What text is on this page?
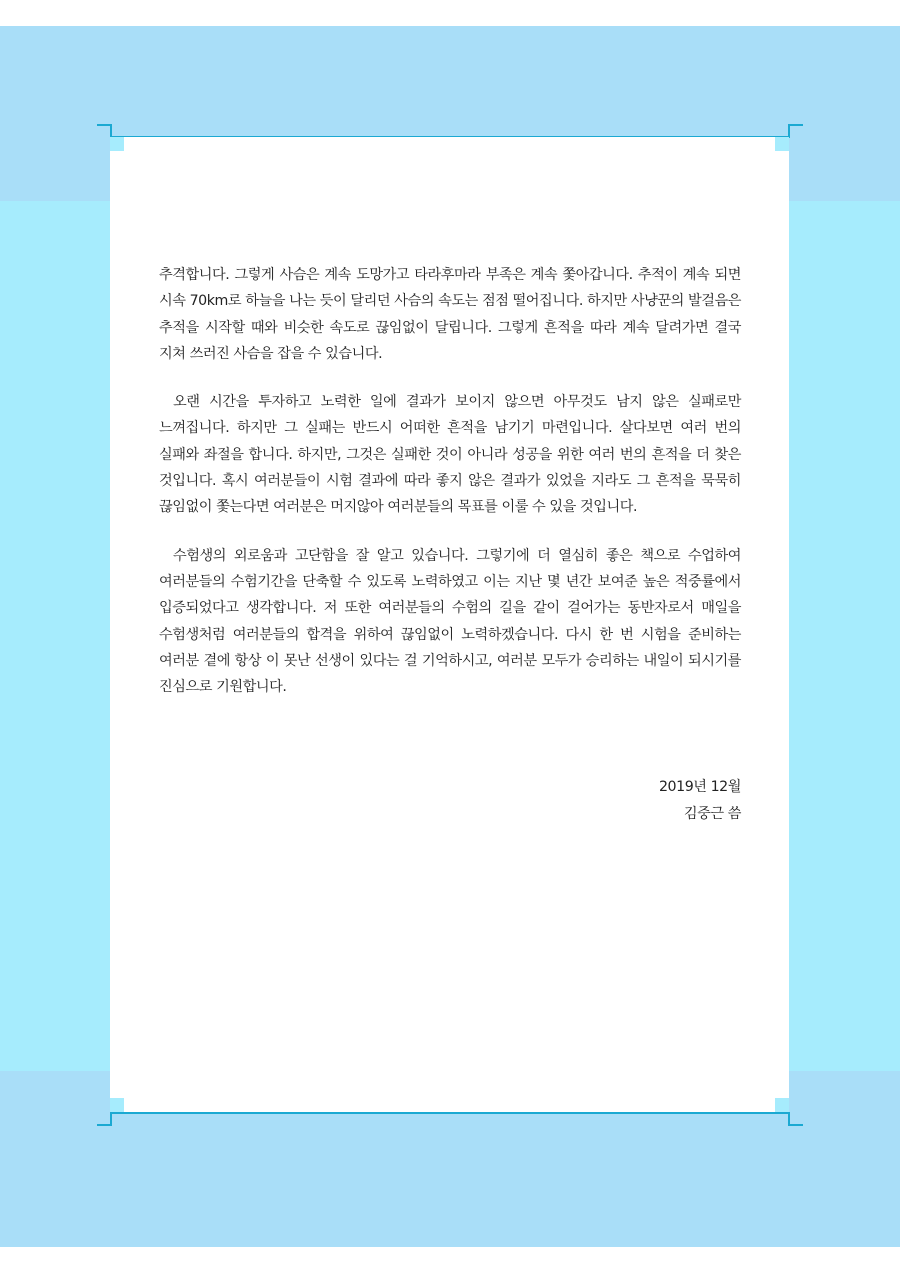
추격합니다. 그렇게 사슴은 계속 도망가고 타라후마라 부족은 계속 쫓아갑니다. 추적이 계속 되면 시속 70km로 하늘을 나는 듯이 달리던 사슴의 속도는 점점 떨어집니다. 하지만 사냥꾼의 발걸음은 추적을 시작할 때와 비슷한 속도로 끊임없이 달립니다. 그렇게 흔적을 따라 계속 달려가면 결국 지쳐 쓰러진 사슴을 잡을 수 있습니다.

오랜 시간을 투자하고 노력한 일에 결과가 보이지 않으면 아무것도 남지 않은 실패로만 느껴집니다. 하지만 그 실패는 반드시 어떠한 흔적을 남기기 마련입니다. 살다보면 여러 번의 실패와 좌절을 합니다. 하지만, 그것은 실패한 것이 아니라 성공을 위한 여러 번의 흔적을 더 찾은 것입니다. 혹시 여러분들이 시험 결과에 따라 좋지 않은 결과가 있었을 지라도 그 흔적을 묵묵히 끊임없이 쫓는다면 여러분은 머지않아 여러분들의 목표를 이룰 수 있을 것입니다.

수험생의 외로움과 고단함을 잘 알고 있습니다. 그렇기에 더 열심히 좋은 책으로 수업하여 여러분들의 수험기간을 단축할 수 있도록 노력하였고 이는 지난 몇 년간 보여준 높은 적중률에서 입증되었다고 생각합니다. 저 또한 여러분들의 수험의 길을 같이 걸어가는 동반자로서 매일을 수험생처럼 여러분들의 합격을 위하여 끊임없이 노력하겠습니다. 다시 한 번 시험을 준비하는 여러분 곁에 항상 이 못난 선생이 있다는 걸 기억하시고, 여러분 모두가 승리하는 내일이 되시기를 진심으로 기원합니다.

2019년 12월
김중근 씀
